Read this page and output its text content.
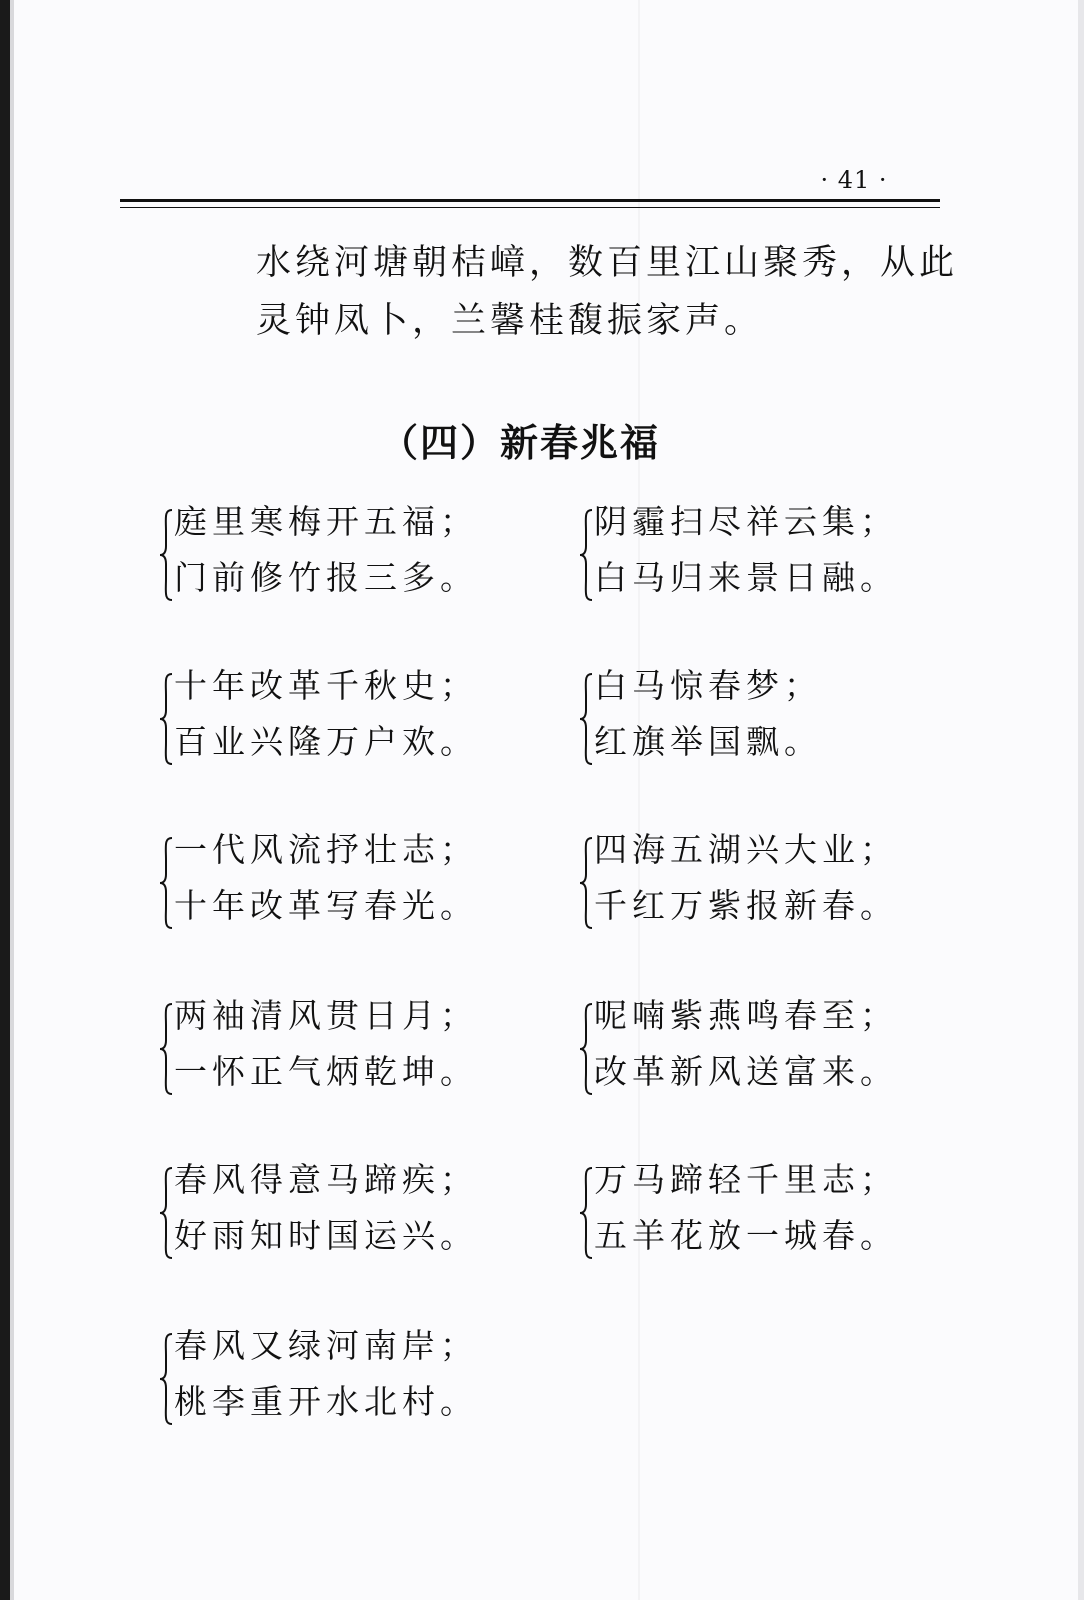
· 41 ·

水绕河塘朝桔嶂，数百里江山聚秀，从此

灵钟凤卜，兰馨桂馥振家声。

（四）新春兆福
庭里寒梅开五福；
门前修竹报三多。
十年改革千秋史；
百业兴隆万户欢。
一代风流抒壮志；
十年改革写春光。
两袖清风贯日月；
一怀正气炳乾坤。
春风得意马蹄疾；
好雨知时国运兴。
春风又绿河南岸；
桃李重开水北村。
阴霾扫尽祥云集；
白马归来景日融。
白马惊春梦；
红旗举国飘。
四海五湖兴大业；
千红万紫报新春。
呢喃紫燕鸣春至；
改革新风送富来。
万马蹄轻千里志；
五羊花放一城春。
